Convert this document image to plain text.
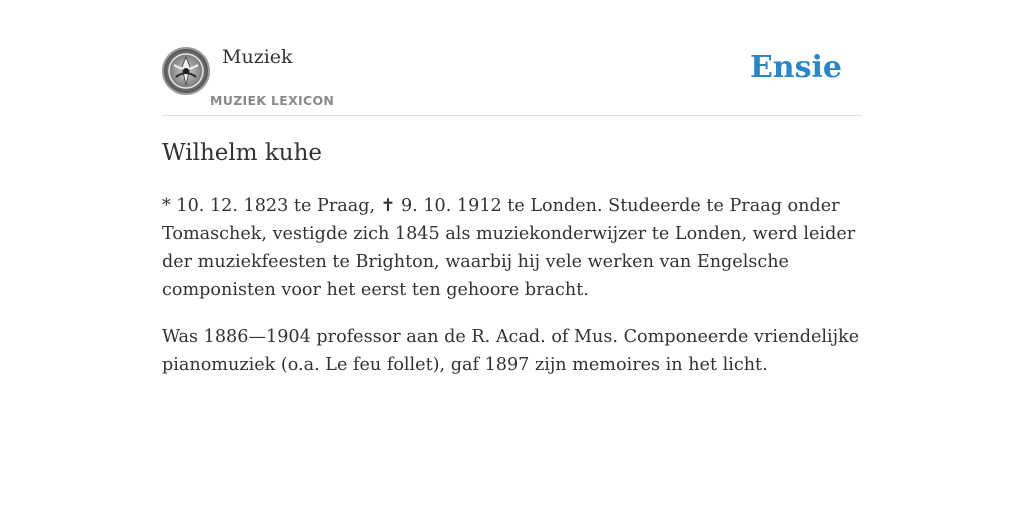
Muziek
MUZIEK LEXICON
Ensie
Wilhelm kuhe

* 10. 12. 1823 te Praag, ✝ 9. 10. 1912 te Londen. Studeerde te Praag onder Tomaschek, vestigde zich 1845 als muziekonderwijzer te Londen, werd leider der muziekfeesten te Brighton, waarbij hij vele werken van Engelsche componisten voor het eerst ten gehoore bracht.

Was 1886—1904 professor aan de R. Acad. of Mus. Componeerde vriendelijke pianomuziek (o.a. Le feu follet), gaf 1897 zijn memoires in het licht.
